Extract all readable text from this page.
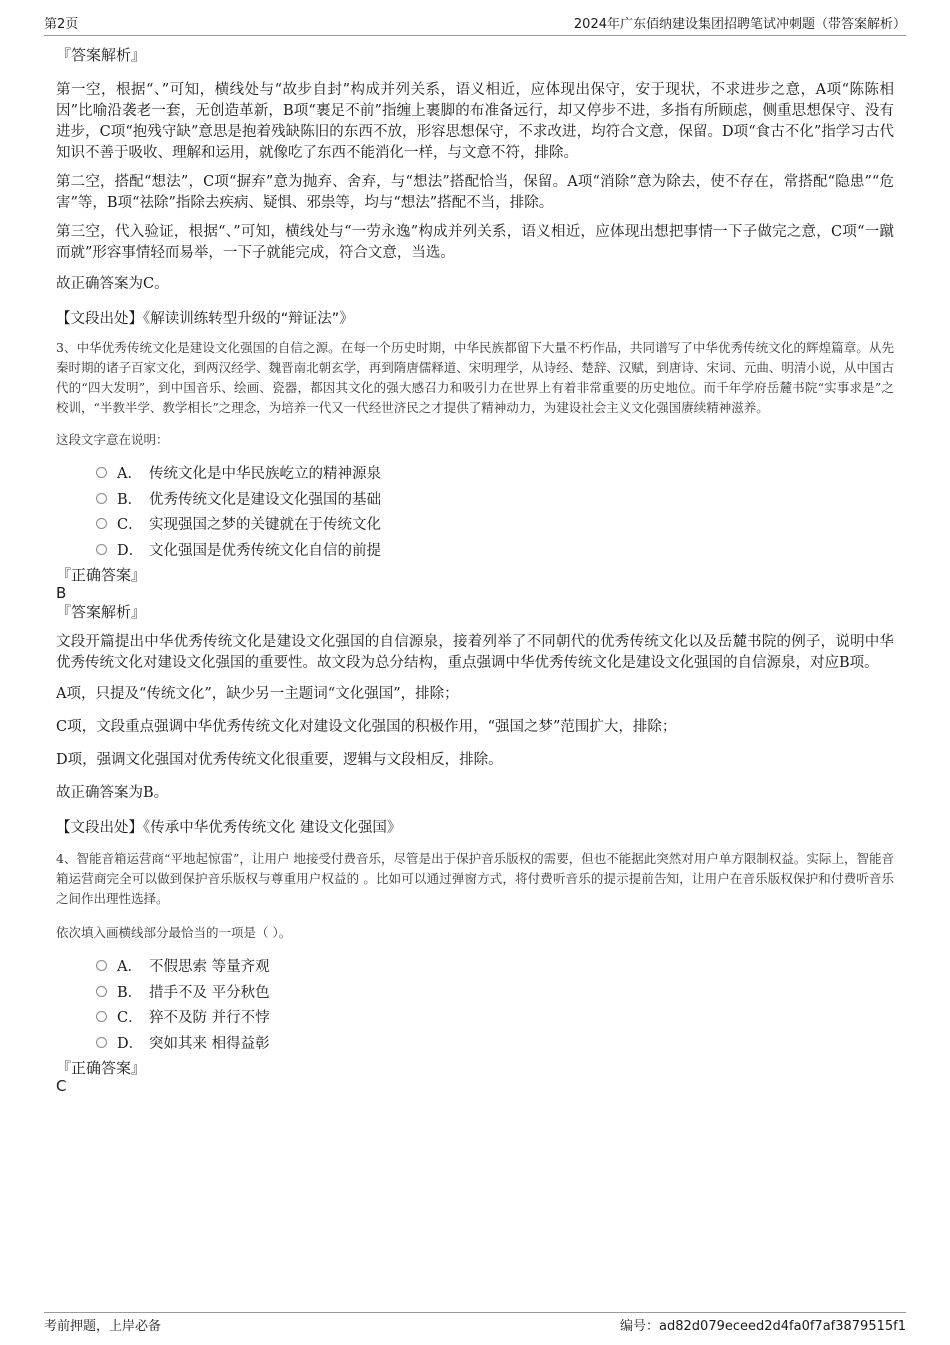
第2页	2024年广东佰纳建设集团招聘笔试冲刺题（带答案解析）

『答案解析』

第一空，根据“、”可知，横线处与“故步自封”构成并列关系，语义相近，应体现出保守，安于现状，不求进步之意，A项“陈陈相因”比喻沿袭老一套，无创造革新，B项“裹足不前”指缠上裹脚的布准备远行，却又停步不进，多指有所顾虑，侧重思想保守、没有进步，C项“抱残守缺”意思是抱着残缺陈旧的东西不放，形容思想保守，不求改进，均符合文意，保留。D项“食古不化”指学习古代知识不善于吸收、理解和运用，就像吃了东西不能消化一样，与文意不符，排除。

第二空，搭配“想法”，C项“摒弃”意为抛弃、舍弃，与“想法”搭配恰当，保留。A项“消除”意为除去，使不存在，常搭配“隐患”“危害”等，B项“祛除”指除去疾病、疑惧、邪祟等，均与“想法”搭配不当，排除。

第三空，代入验证，根据“、”可知，横线处与“一劳永逸”构成并列关系，语义相近，应体现出想把事情一下子做完之意，C项“一蹴而就”形容事情轻而易举，一下子就能完成，符合文意，当选。

故正确答案为C。

【文段出处】《解读训练转型升级的“辩证法”》

3、中华优秀传统文化是建设文化强国的自信之源。在每一个历史时期，中华民族都留下大量不朽作品，共同谱写了中华优秀传统文化的辉煌篇章。从先秦时期的诸子百家文化，到两汉经学、魏晋南北朝玄学，再到隋唐儒释道、宋明理学，从诗经、楚辞、汉赋，到唐诗、宋词、元曲、明清小说，从中国古代的“四大发明”，到中国音乐、绘画、瓷器，都因其文化的强大感召力和吸引力在世界上有着非常重要的历史地位。而千年学府岳麓书院“实事求是”之校训，“半教半学、教学相长”之理念，为培养一代又一代经世济民之才提供了精神动力，为建设社会主义文化强国赓续精神滋养。

这段文字意在说明：

A． 传统文化是中华民族屹立的精神源泉
B． 优秀传统文化是建设文化强国的基础
C． 实现强国之梦的关键就在于传统文化
D． 文化强国是优秀传统文化自信的前提

『正确答案』

B

『答案解析』

文段开篇提出中华优秀传统文化是建设文化强国的自信源泉，接着列举了不同朝代的优秀传统文化以及岳麓书院的例子，说明中华优秀传统文化对建设文化强国的重要性。故文段为总分结构，重点强调中华优秀传统文化是建设文化强国的自信源泉，对应B项。

A项，只提及“传统文化”，缺少另一主题词“文化强国”，排除；

C项，文段重点强调中华优秀传统文化对建设文化强国的积极作用，“强国之梦”范围扩大，排除；

D项，强调文化强国对优秀传统文化很重要，逻辑与文段相反，排除。

故正确答案为B。

【文段出处】《传承中华优秀传统文化 建设文化强国》

4、智能音箱运营商“平地起惊雷”，让用户 地接受付费音乐，尽管是出于保护音乐版权的需要，但也不能据此突然对用户单方限制权益。实际上，智能音箱运营商完全可以做到保护音乐版权与尊重用户权益的 。比如可以通过弹窗方式，将付费听音乐的提示提前告知，让用户在音乐版权保护和付费听音乐之间作出理性选择。

依次填入画横线部分最恰当的一项是（ ）。

A． 不假思索 等量齐观
B． 措手不及 平分秋色
C． 猝不及防 并行不悖
D． 突如其来 相得益彰

『正确答案』

C

考前押题，上岸必备	编号：ad82d079eceed2d4fa0f7af3879515f1
